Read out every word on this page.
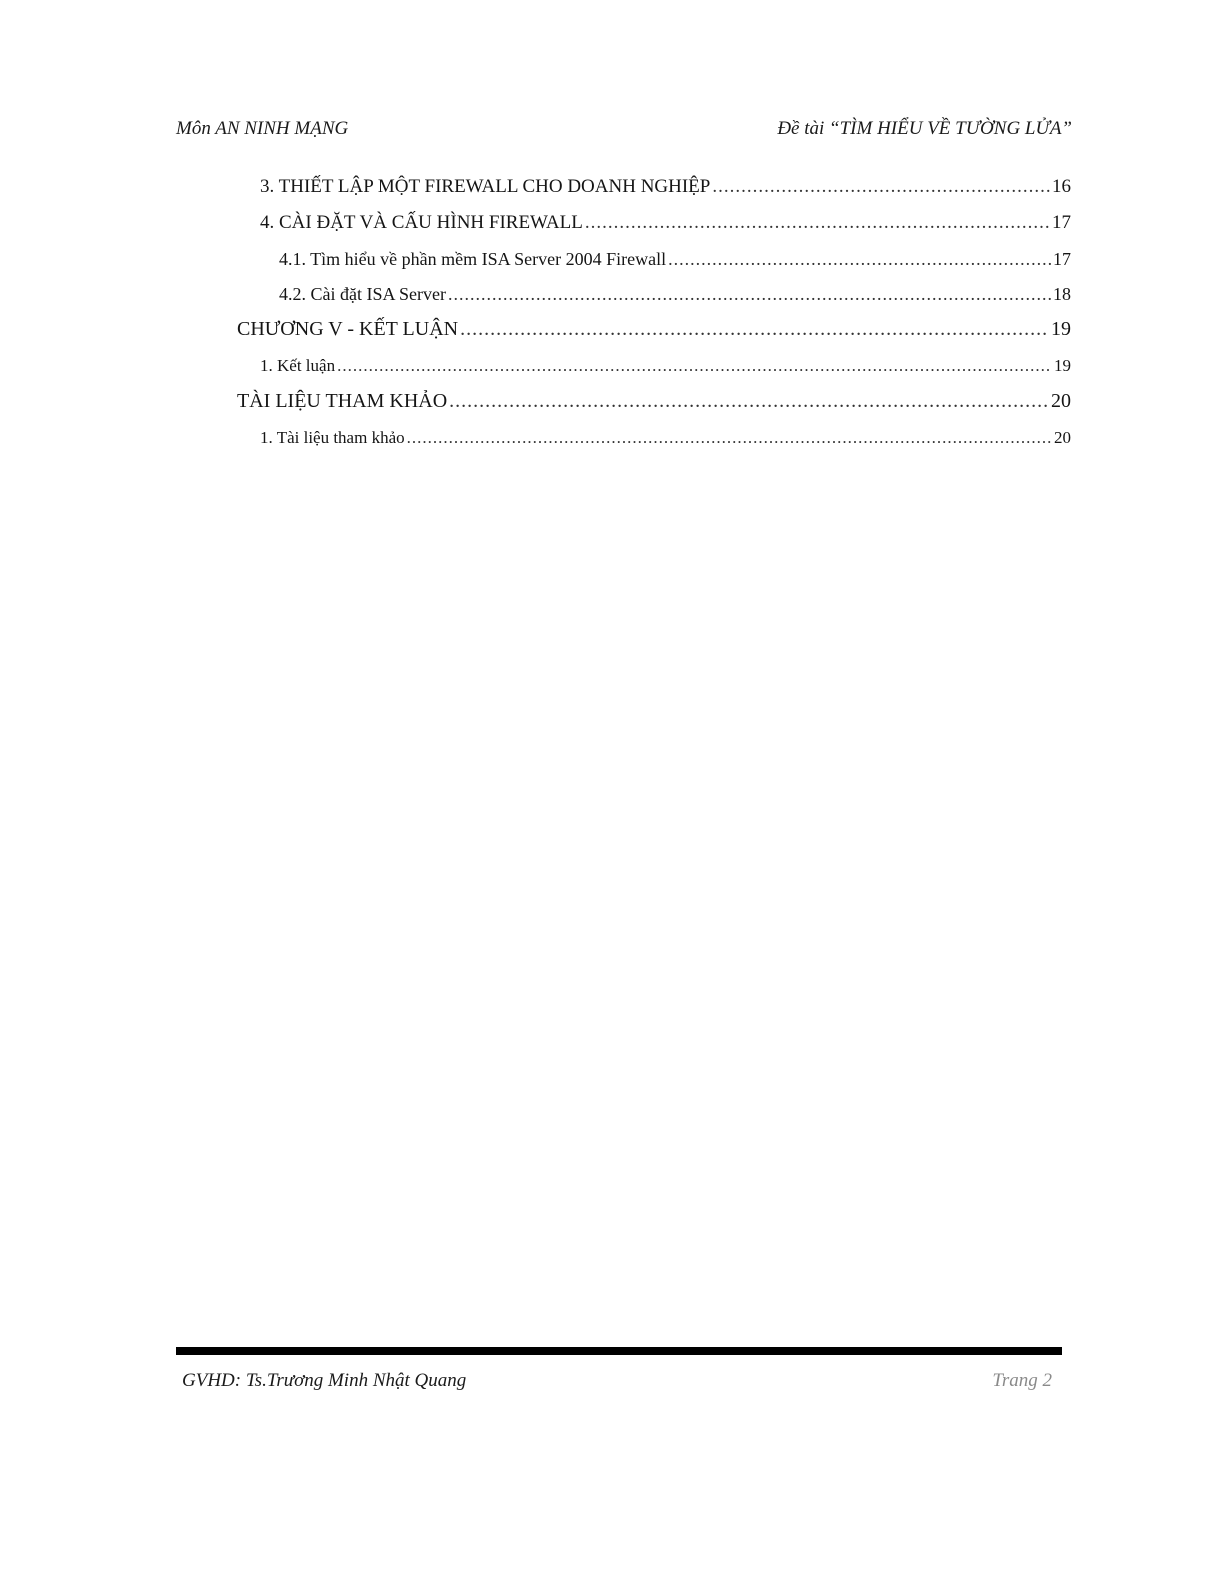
Môn AN NINH MẠNG	Đề tài “TÌM HIỂU VỀ TƯỜNG LỬA”
3. THIẾT LẬP MỘT FIREWALL CHO DOANH NGHIỆP .....	16
4. CÀI ĐẶT VÀ CẤU HÌNH FIREWALL .....	17
4.1. Tìm hiểu về phần mềm ISA Server 2004 Firewall .....	17
4.2. Cài đặt ISA Server .....	18
CHƯƠNG V - KẾT LUẬN .....	19
1. Kết luận .....	19
TÀI LIỆU THAM KHẢO .....	20
1. Tài liệu tham khảo .....	20
GVHD: Ts.Trương Minh Nhật Quang	Trang 2
